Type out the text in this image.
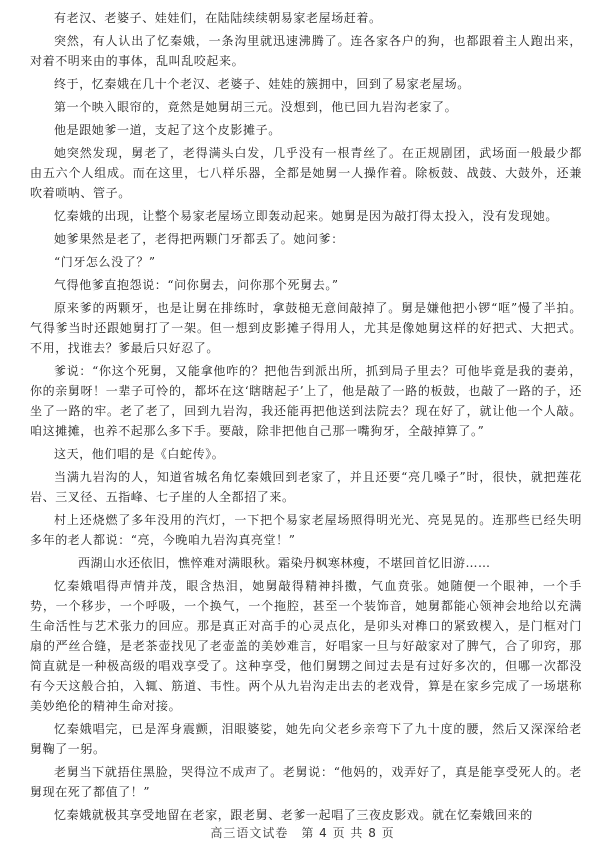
有老汉、老婆子、娃娃们，在陆陆续续朝易家老屋场赶着。

突然，有人认出了忆秦娥，一条沟里就迅速沸腾了。连各家各户的狗，也都跟着主人跑出来，对着不明来由的事体，乱叫乱咬起来。

终于，忆秦娥在几十个老汉、老婆子、娃娃的簇拥中，回到了易家老屋场。

第一个映入眼帘的，竟然是她舅胡三元。没想到，他已回九岩沟老家了。

他是跟她爹一道，支起了这个皮影摊子。

她突然发现，舅老了，老得满头白发，几乎没有一根青丝了。在正规剧团，武场面一般最少都由五六个人组成。而在这里，七八样乐器，全都是她舅一人操作着。除板鼓、战鼓、大鼓外，还兼吹着唢呐、管子。

忆秦娥的出现，让整个易家老屋场立即轰动起来。她舅是因为敲打得太投入，没有发现她。

她爹果然是老了，老得把两颗门牙都丢了。她问爹：

“门牙怎么没了？”

气得他爹直抱怨说：“问你舅去，问你那个死舅去。”

原来爹的两颗牙，也是让舅在排练时，拿鼓槌无意间敲掉了。舅是嫌他把小锣“哐”慢了半拍。气得爹当时还跟她舅打了一架。但一想到皮影摊子得用人，尤其是像她舅这样的好把式、大把式。不用，找谁去？爹最后只好忍了。

爹说：“你这个死舅，又能拿他咋的？把他告到派出所，抓到局子里去？可他毕竟是我的妻弟，你的亲舅呀！一辈子可怜的，都坏在这‘瞎瞎起子’上了，他是敲了一路的板鼓，也敲了一路的子，还坐了一路的牢。老了老了，回到九岩沟，我还能再把他送到法院去？现在好了，就让他一个人敲。咱这摊摊，也养不起那么多下手。要敲，除非把他自己那一嘴狗牙，全敲掉算了。”

这天，他们唱的是《白蛇传》。

当满九岩沟的人，知道省城名角忆秦娥回到老家了，并且还要“亮几嗓子”时，很快，就把莲花岩、三叉径、五指峰、七子崖的人全都招了来。

村上还烧燃了多年没用的汽灯，一下把个易家老屋场照得明光光、亮晃晃的。连那些已经失明多年的老人都说：“亮，今晚咱九岩沟真亮堂！”

西湖山水还依旧，憔悴难对满眼秋。霜染丹枫寒林瘦，不堪回首忆旧游……

忆秦娥唱得声情并茂，眼含热泪，她舅敲得精神抖擞，气血贲张。她随便一个眼神，一个手势，一个移步，一个呼吸，一个换气，一个拖腔，甚至一个装饰音，她舅都能心领神会地给以充满生命活性与艺术张力的回应。那是真正对高手的心灵点化，是卯头对榫口的紧致楔入，是门框对门扇的严丝合缝，是老茶壶找见了老壶盖的美妙难言，好唱家一旦与好敲家对了脾气，合了卯窍，那简直就是一种极高级的唱戏享受了。这种享受，他们舅甥之间过去是有过好多次的，但哪一次都没有今天这般合拍，入辄、筋道、韦性。两个从九岩沟走出去的老戏骨，算是在家乡完成了一场堪称美妙绝伦的精神生命对接。

忆秦娥唱完，已是浑身震颤，泪眼婆娑，她先向父老乡亲弯下了九十度的腰，然后又深深给老舅鞠了一躬。

老舅当下就捂住黑脸，哭得泣不成声了。老舅说：“他妈的，戏弄好了，真是能享受死人的。老舅现在死了都值了！”

忆秦娥就极其享受地留在老家，跟老舅、老爹一起唱了三夜皮影戏。就在忆秦娥回来的

高三语文试卷　第 4 页 共 8 页
